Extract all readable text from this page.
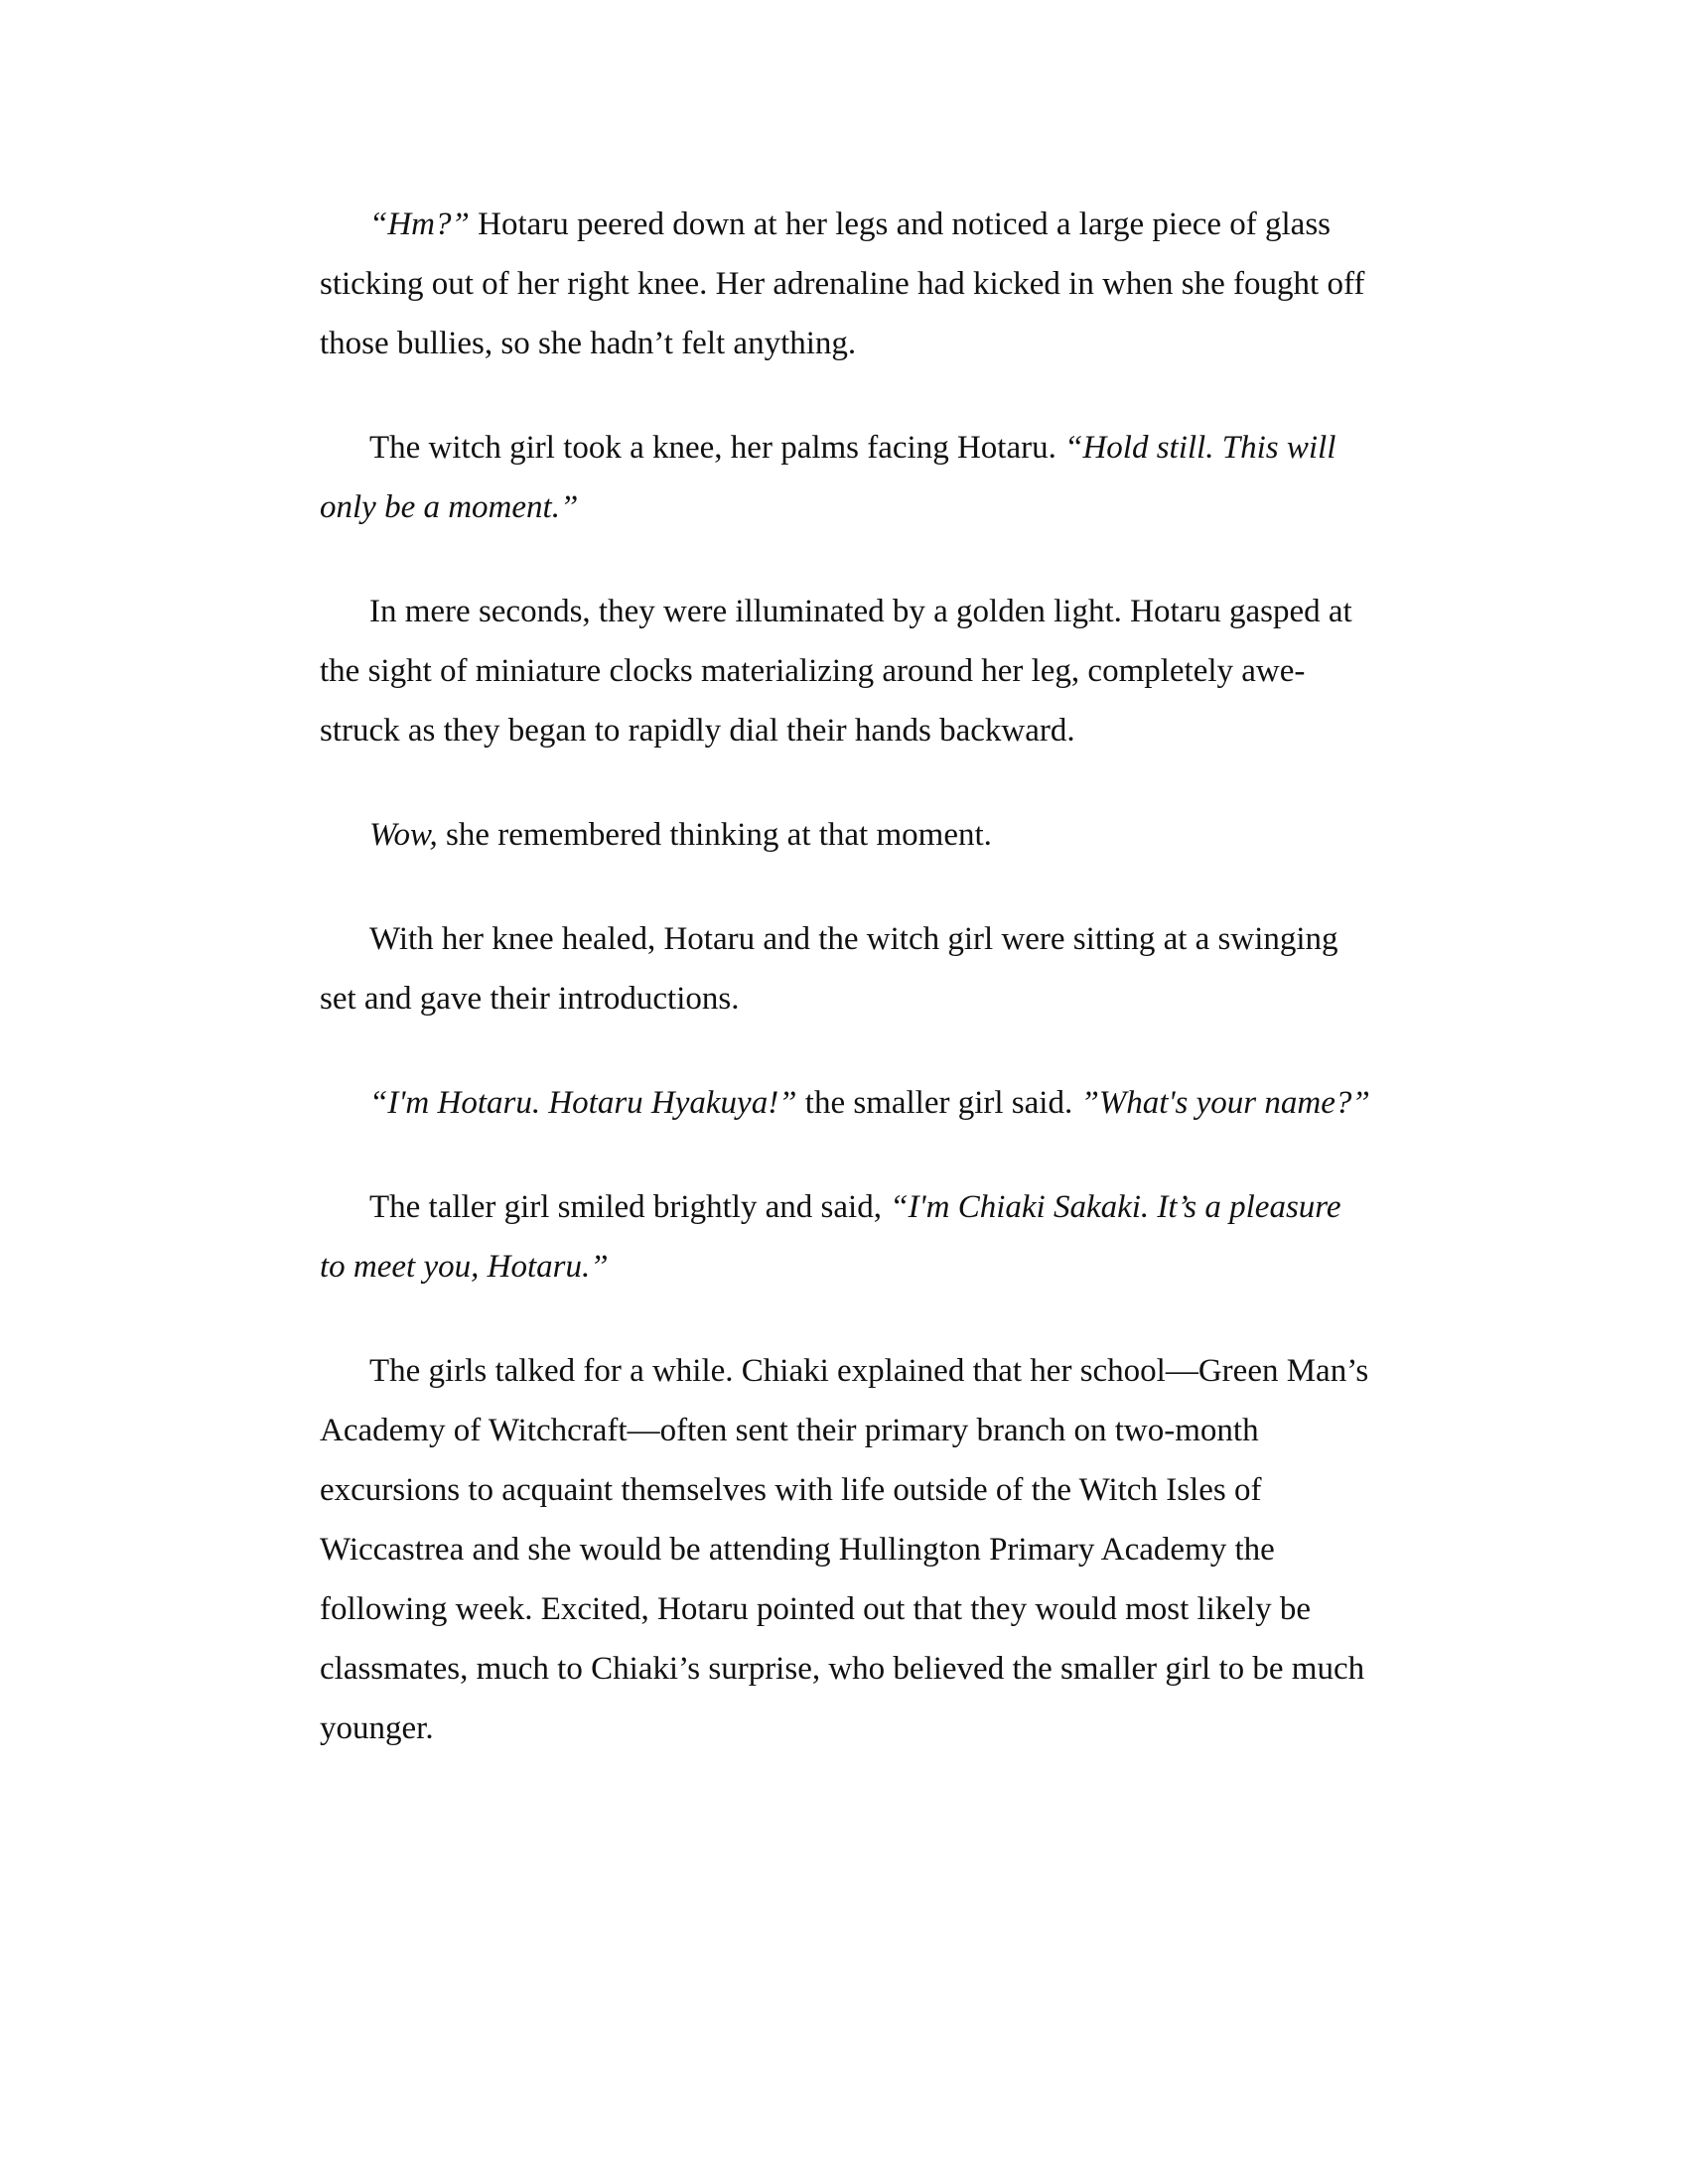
“Hm?” Hotaru peered down at her legs and noticed a large piece of glass sticking out of her right knee. Her adrenaline had kicked in when she fought off those bullies, so she hadn’t felt anything.

The witch girl took a knee, her palms facing Hotaru. “Hold still. This will only be a moment.”

In mere seconds, they were illuminated by a golden light. Hotaru gasped at the sight of miniature clocks materializing around her leg, completely awe-struck as they began to rapidly dial their hands backward.

Wow, she remembered thinking at that moment.

With her knee healed, Hotaru and the witch girl were sitting at a swinging set and gave their introductions.

“I'm Hotaru. Hotaru Hyakuya!” the smaller girl said. ”What's your name?”

The taller girl smiled brightly and said, “I'm Chiaki Sakaki. It’s a pleasure to meet you, Hotaru.”

The girls talked for a while. Chiaki explained that her school—Green Man’s Academy of Witchcraft—often sent their primary branch on two-month excursions to acquaint themselves with life outside of the Witch Isles of Wiccastrea and she would be attending Hullington Primary Academy the following week. Excited, Hotaru pointed out that they would most likely be classmates, much to Chiaki’s surprise, who believed the smaller girl to be much younger.
